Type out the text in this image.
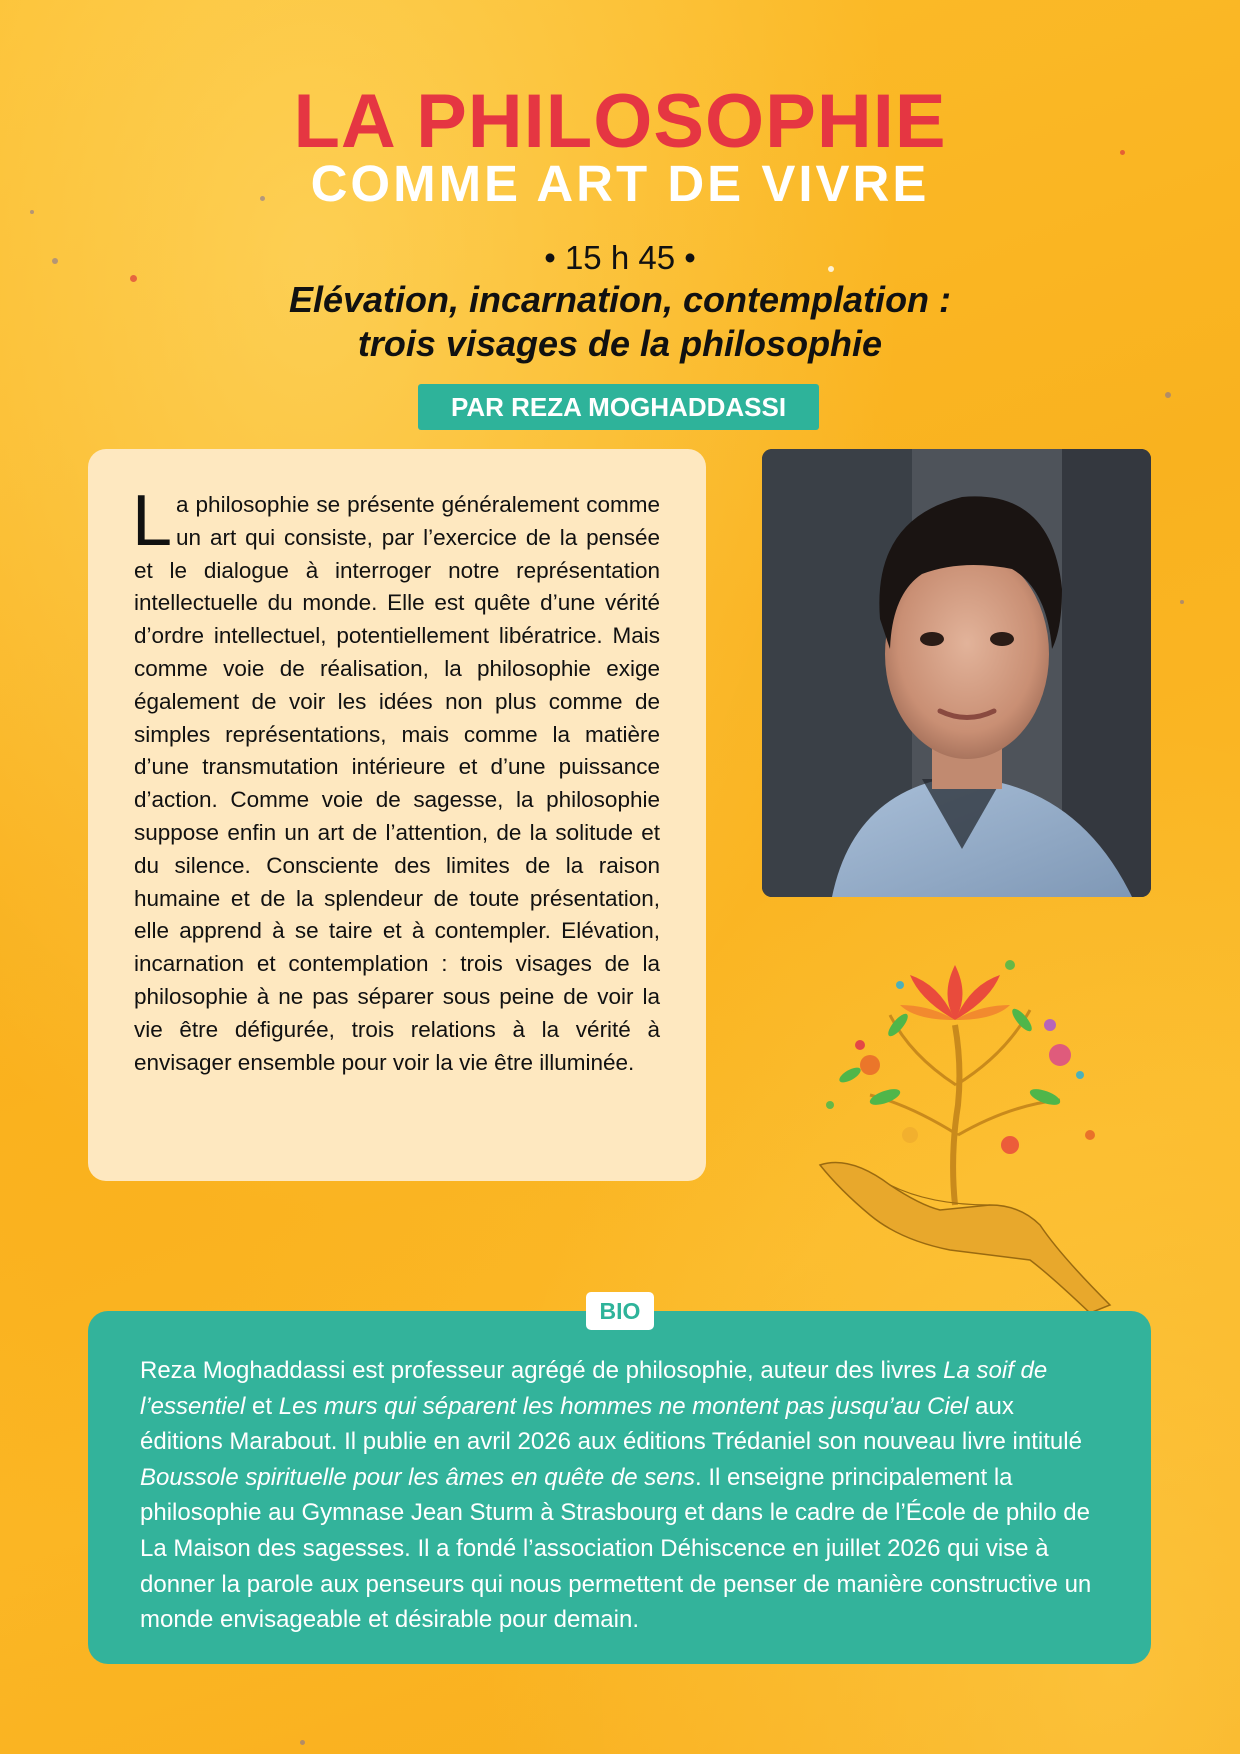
LA PHILOSOPHIE
COMME ART DE VIVRE
• 15 h 45 •
Elévation, incarnation, contemplation :
trois visages de la philosophie
PAR REZA MOGHADDASSI

La philosophie se présente généralement comme un art qui consiste, par l’exercice de la pensée et le dialogue à interroger notre représentation intellectuelle du monde. Elle est quête d’une vérité d’ordre intellectuel, potentiellement libératrice. Mais comme voie de réalisation, la philosophie exige également de voir les idées non plus comme de simples représentations, mais comme la matière d’une transmutation intérieure et d’une puissance d’action. Comme voie de sagesse, la philosophie suppose enfin un art de l’attention, de la solitude et du silence. Consciente des limites de la raison humaine et de la splendeur de toute présentation, elle apprend à se taire et à contempler. Elévation, incarnation et contemplation : trois visages de la philosophie à ne pas séparer sous peine de voir la vie être défigurée, trois relations à la vérité à envisager ensemble pour voir la vie être illuminée.

Reza Moghaddassi est professeur agrégé de philosophie, auteur des livres La soif de l’essentiel et Les murs qui séparent les hommes ne montent pas jusqu’au Ciel aux éditions Marabout. Il publie en avril 2026 aux éditions Trédaniel son nouveau livre intitulé Boussole spirituelle pour les âmes en quête de sens. Il enseigne principalement la philosophie au Gymnase Jean Sturm à Strasbourg et dans le cadre de l’École de philo de La Maison des sagesses. Il a fondé l’association Déhiscence en juillet 2026 qui vise à donner la parole aux penseurs qui nous permettent de penser de manière constructive un monde envisageable et désirable pour demain.

BIO
